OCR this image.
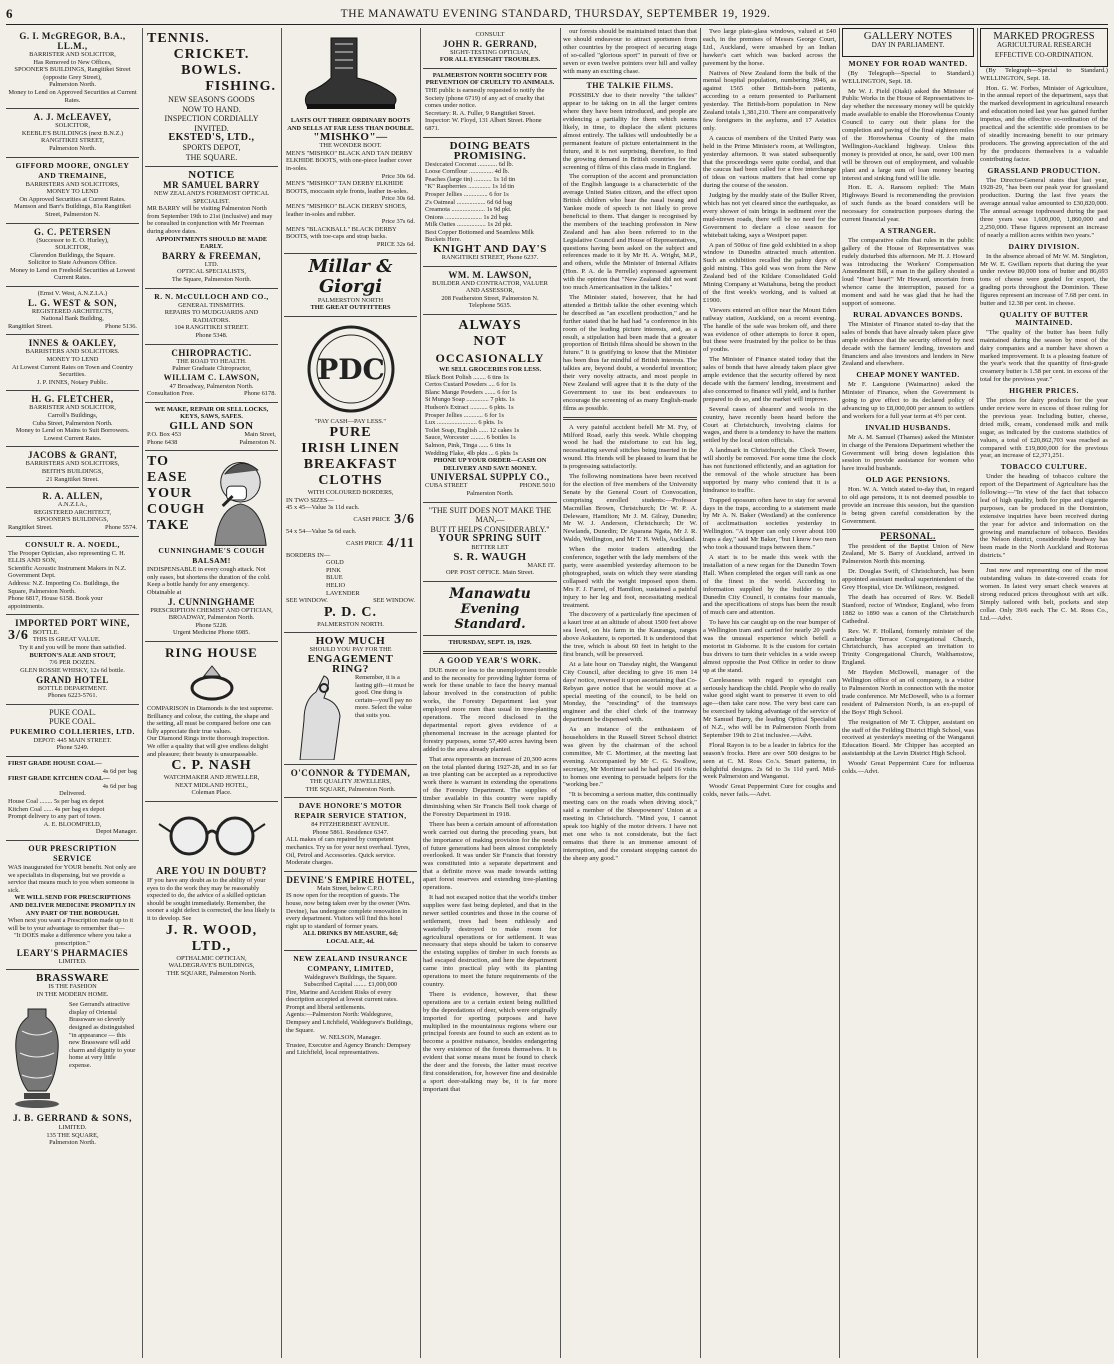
6	THE MANAWATU EVENING STANDARD, THURSDAY, SEPTEMBER 19, 1929.
G. I. McGREGOR, B.A., LL.M.,
BARRISTER AND SOLICITOR,
Has Removed to New Offices,
SPOONER'S BUILDINGS, Rangitikei Street (opposite Grey Street),
Palmerston North.
Money to Lend on Approved Securities at Current Rates.
A. J. McLEAVEY,
SOLICITOR,
KEEBLE'S BUILDINGS (next B.N.Z.)
RANGITIKEI STREET,
Palmerston North.
GIFFORD MOORE, ONGLEY AND TREMAINE,
BARRISTERS AND SOLICITORS,
MONEY TO LEND
On Approved Securities at Current Rates.
Mamson and Barr's Buildings, 81a Rangitikei Street, Palmerston N.
G. C. PETERSEN
(Successor to E. O. Hurley),
SOLICITOR,
Clarendon Buildings, the Square.
Solicitor to State Advances Office.
Money to Lend on Freehold Securities at Lowest Current Rates.
(Ernst V. West, A.N.Z.I.A.)
L. G. WEST & SON,
REGISTERED ARCHITECTS,
National Bank Building,
Rangitikei Street.	Phone 5136.
INNES & OAKLEY,
BARRISTERS AND SOLICITORS.
MONEY TO LEND
At Lowest Current Rates on Town and Country Securities.
J. P. INNES, Notary Public.
H. G. FLETCHER,
BARRISTER AND SOLICITOR,
Carroll's Buildings,
Cuba Street, Palmerston North.
Money to Lend on Mains to Suit Borrowers.
Lowest Current Rates.
JACOBS & GRANT,
BARRISTERS AND SOLICITORS,
BEITH'S BUILDINGS,
21 Rangitikei Street.
R. A. ALLEN,
A.N.Z.I.A.,
REGISTERED ARCHITECT,
SPOONER'S BUILDINGS,
Rangitikei Street.	Phone 5574.
CONSULT R. A. NOEDL,
The Prooper Optician, also representing C. H. ELLIS AND SON,
Scientific Acoustic Instrument Makers in N.Z. Government Dept.
Address: N.Z. Importing Co. Buildings, the Square, Palmerston North.
Phone 6817, House 6158. Book your appointments.
IMPORTED PORT WINE,
3/6 BOTTLE.
THIS IS GREAT VALUE.
Try it and you will be more than satisfied.
BURTON'S ALE AND STOUT,
7/6 PER DOZEN.
GLEN ROSSIE WHISKY, 12s 6d bottle.
GRAND HOTEL
BOTTLE DEPARTMENT.
Phones 6223-5761.
PUKE COAL.
PUKE COAL.
PUKEMIRO COLLIERIES, LTD.
DEPOT: 445 MAIN STREET.
Phone 5249.
FIRST GRADE HOUSE COAL—
4s 6d per bag
FIRST GRADE KITCHEN COAL—
4s 6d per bag
Delivered.
House Coal ........ 5s per bag ex depot
Kitchen Coal ...... 4s per bag ex depot
Prompt delivery to any part of town.
A. E. BLOOMFIELD,
Depot Manager.
OUR PRESCRIPTION SERVICE
WAS inaugurated for YOUR benefit. Not only are we specialists in dispensing, but we provide a service that means much to you when someone is sick.
WE WILL SEND FOR PRESCRIPTIONS AND DELIVER MEDICINE PROMPTLY IN ANY PART OF THE BOROUGH.
When next you want a Prescription made up to it will be to your advantage to remember that—
"It DOES make a difference where you take a prescription."
LEARY'S PHARMACIES
LIMITED.
BRASSWARE
IS THE FASHION
IN THE MODERN HOME.
See Gerrand's attractive display of Oriental Brassware so cleverly designed as distinguished "in appearance — this new Brassware will add charm and dignity to your home at very little expense.
J. B. GERRAND & SONS,
LIMITED.
135 THE SQUARE,
Palmerston North.
TENNIS.
CRICKET.
BOWLS.
FISHING.
NEW SEASON'S GOODS
NOW TO HAND.
INSPECTION CORDIALLY
INVITED.
EKSTED'S, LTD.,
SPORTS DEPOT,
THE SQUARE.
NOTICE
MR SAMUEL BARRY
NEW ZEALAND'S FOREMOST OPTICAL SPECIALIST.
MR BARRY will be visiting Palmerston North from September 19th to 21st (inclusive) and may be consulted in conjunction with Mr Freeman during above dates.
APPOINTMENTS SHOULD BE MADE
EARLY.
BARRY & FREEMAN,
LTD.
OPTICAL SPECIALISTS,
The Square, Palmerston North.
R. N. McCULLOCH AND CO.,
GENERAL TINSMITHS.
REPAIRS TO MUDGUARDS AND RADIATORS.
104 RANGITIKEI STREET.
Phone 5348.
CHIROPRACTIC.
THE ROAD TO HEALTH.
Palmer Graduate Chiropractor,
WILLIAM C. LAWSON,
47 Broadway, Palmerston North.
Consultation Free.	Phone 6178.
WE MAKE, REPAIR OR SELL LOCKS, KEYS, SAWS, SAFES.
GILL AND SON
P.O. Box 453	Main Street,
Phone 6438	Palmerston N.
TO
EASE
YOUR
COUGH
TAKE
CUNNINGHAME'S COUGH BALSAM!
INDISPENSABLE in every cough attack. Not only eases, but shortens the duration of the cold. Keep a bottle handy for any emergency. Obtainable at
J. CUNNINGHAME
PRESCRIPTION CHEMIST AND OPTICIAN,
BROADWAY, Palmerston North.
Phone 5228.
Urgent Medicine Phone 6985.
RING HOUSE
COMPARISON in Diamonds is the test supreme. Brilliancy and colour, the cutting, the shape and the setting, all must be compared before one can fully appreciate their true values.
Our Diamond Rings invite thorough inspection. We offer a quality that will give endless delight and pleasure; their beauty is unsurpassable.
C. P. NASH
WATCHMAKER AND JEWELLER,
NEXT MIDLAND HOTEL,
Coleman Place.
ARE YOU IN DOUBT?
IF you have any doubt as to the ability of your eyes to do the work they may be reasonably expected to do, the advice of a skilled optician should be sought immediately. Remember, the sooner a sight defect is corrected, the less likely is it to develop. See
J. R. WOOD, LTD.,
OPTHALMIC OPTICIAN,
WALDEGRAVE'S BUILDINGS,
THE SQUARE, Palmerston North.
LASTS OUT THREE ORDINARY BOOTS AND SELLS AT FAR LESS THAN DOUBLE.
"MISHKO"—
THE WONDER BOOT.
MEN'S "MISHKO" BLACK AND TAN DERBY ELKHIDE BOOTS, with one-piece leather cover in-soles.
Price 30s 6d.
MEN'S "MISHKO" TAN DERBY ELKHIDE BOOTS, moccasin style fronts, leather in-soles.
Price 30s 6d.
MEN'S "MISHKO" BLACK DERBY SHOES, leather in-soles and rubber.
Price 37s 6d.
MEN'S "BLACKBALL" BLACK DERBY BOOTS, with toe-caps and strap backs.
PRICE 32s 6d.
Millar & Giorgi
PALMERSTON NORTH
THE GREAT OUTFITTERS
PDC
"PAY CASH—PAY LESS."
PURE
IRISH LINEN
BREAKFAST
CLOTHS
WITH COLOURED BORDERS,
IN TWO SIZES—
45 x 45—Value 3s 11d each.
CASH PRICE 3/6
54 x 54—Value 5s 6d each.
CASH PRICE 4/11
BORDERS IN—
GOLD
PINK
BLUE
HELIO
LAVENDER
SEE WINDOW.	SEE WINDOW.
P. D. C.
PALMERSTON NORTH.
HOW MUCH
SHOULD YOU PAY FOR THE
ENGAGEMENT
RING?
Remember, it is a lasting gift—it must be good. One thing is certain—you'll pay no more. Select the value that suits you.
O'CONNOR & TYDEMAN,
THE QUALITY JEWELLERS,
THE SQUARE, Palmerston North.
DAVE HONORE'S MOTOR REPAIR SERVICE STATION,
84 FITZHERBERT AVENUE.
Phone 5861. Residence 6347.
ALL makes of cars repaired by competent mechanics. Try us for your next overhaul. Tyres, Oil, Petrol and Accessories. Quick service. Moderate charges.
DEVINE'S EMPIRE HOTEL,
Main Street, below C.P.O.
IS now open for the reception of guests. The house, now being taken over by the owner (Wm. Devine), has undergone complete renovation in every department. Visitors will find this hotel right up to standard of former years.
ALL DRINKS BY MEASURE, 6d;
LOCAL ALE, 4d.
NEW ZEALAND INSURANCE COMPANY, LIMITED,
Waldegrave's Buildings, the Square.
Subscribed Capital ........ £1,000,000
Fire, Marine and Accident Risks of every description accepted at lowest current rates. Prompt and liberal settlements.
Agents:—Palmerston North: Waldegrave, Dempsey and Litchfield, Waldegrave's Buildings, the Square.
W. NELSON, Manager.
Trustee, Executor and Agency Branch: Dempsey and Litchfield, local representatives.
CONSULT
JOHN R. GERRAND,
SIGHT-TESTING OPTICIAN,
FOR ALL EYESIGHT TROUBLES.
PALMERSTON NORTH SOCIETY FOR PREVENTION OF CRUELTY TO ANIMALS.
THE public is earnestly requested to notify the Society (phone 6719) of any act of cruelty that comes under notice.
Secretary: R. A. Fuller, 9 Rangitikei Street. Inspector: W. Floyd, 131 Albert Street. Phone 6871.
DOING BEATS PROMISING.
Desiccated Coconut ............ 6d lb.
Loose Cornflour ............... 4d lb.
Peaches (large tin) ........... 1s 1d tin
"K" Raspberries .............. 1s 1d tin
Prosper Jellies ............... 6 for 1s
2's Oatmeal .................. 6d 6d bag
Creamota ..................... 1s 9d pkt.
Onions ....................... 1s 2d bag
Milk Oaties .................. 1s 2d pkt.
Best Copper Bottomed and Seamless Milk Buckets Here.
KNIGHT AND DAY'S
RANGITIKEI STREET, Phone 6237.
WM. M. LAWSON,
BUILDER AND CONTRACTOR, VALUER AND ASSESSOR,
208 Featherston Street, Palmerston N.
Telephone 5635.
ALWAYS
NOT
OCCASIONALLY
WE SELL GROCERIES FOR LESS.
Black Boot Polish ........ 6 tins 1s
Certos Custard Powders .... 6 for 1s
Blanc Mange Powders ....... 6 for 1s
St Mungo Soap .............. 7 pkts. 1s
Hudson's Extract ........... 6 pkts. 1s
Prosper Jellies ............ 6 for 1s
Lux ......................... 6 pkts. 1s
Toilet Soap, English ...... 12 cakes 1s
Sauce, Worcester ......... 6 bottles 1s
Salmon, Pink, Tinga ...... 6 tins 1s
Wedding Flake, 4lb pkts ... 6 pkts 1s
PHONE UP YOUR ORDER—CASH ON DELIVERY AND SAVE MONEY.
UNIVERSAL SUPPLY CO.,
CUBA STREET	PHONE 5010
Palmerston North.
"THE SUIT DOES NOT MAKE THE MAN,—
BUT IT HELPS CONSIDERABLY."
YOUR SPRING SUIT
BETTER LET
S. R. WAUGH
MAKE IT.
OPP. POST OFFICE. Main Street.
Manawatu
Evening Standard.
THURSDAY, SEPT. 19, 1929.
A GOOD YEAR'S WORK.

DUE more or less to the unemployment trouble and to the necessity for providing lighter forms of work for these unable to face the heavy manual labour involved in the construction of public works, the Forestry Department last year employed more men than usual in tree-planting operations. The record disclosed in the departmental report gives evidence of a phenomenal increase in the acreage planted for forestry purposes, some 57,400 acres having been added to the area already planted.

That area represents an increase of 20,300 acres on the total planted during 1927-28, and in so far as tree planting can be accepted as a reproductive work there is warrant in extending the operations of the Forestry Department. The supplies of timber available in this country were rapidly diminishing when Sir Francis Bell took charge of the Forestry Department in 1918.

There has been a certain amount of afforestation work carried out during the preceding years, but the importance of making provision for the needs of future generations had been almost completely overlooked. It was under Sir Francis that forestry was constituted into a separate department and that a definite move was made towards setting apart forest reserves and extending tree-planting operations.

It had not escaped notice that the world's timber supplies were fast being depleted, and that in the newer settled countries and those in the course of settlement, trees had been ruthlessly and wastefully destroyed to make room for agricultural operations or for settlement. It was necessary that steps should be taken to conserve the existing supplies of timber in such forests as had escaped destruction, and here the department came into practical play with its planting operations to meet the future requirements of the country.

There is evidence, however, that these operations are to a certain extent being nullified by the depredations of deer, which were originally imported for sporting purposes and have multiplied in the mountainous regions where our principal forests are found to such an extent as to become a positive nuisance, besides endangering the very existence of the forests themselves. It is evident that some means must be found to check the deer and the forests, the latter must receive first consideration, for, however fine and desirable a sport deer-stalking may be, it is far more important that

our forests should be maintained intact than that we should endeavour to attract sportsmen from other countries by the prospect of securing stags of so-called "glorious sport" in pursuit of five or seven or even twelve pointers over hill and valley with many an exciting chase.

THE TALKIE FILMS.

POSSIBLY due to their novelty "the talkies" appear to be taking on in all the larger centres where they have been introduced, and people are evidencing a partiality for them which seems likely, in time, to displace the silent pictures almost entirely. The talkies will undoubtedly be a permanent feature of picture entertainment in the future, and it is not surprising, therefore, to find the growing demand in British countries for the screening of films of this class made in England.

The corruption of the accent and pronunciation of the English language is a characteristic of the average United States citizen, and the effect upon British children who hear the nasal twang and Yankee mode of speech is not likely to prove beneficial to them. That danger is recognised by the members of the teaching profession in New Zealand and has also been referred to in the Legislative Council and House of Representatives, questions having been asked on the subject and references made to it by Mr H. A. Wright, M.P., and others, while the Minister of Internal Affairs (Hon. P. A. de la Perrelle) expressed agreement with the opinion that "New Zealand did not want too much Americanisation in the talkies."

The Minister stated, however, that he had attended a British talkie the other evening which he described as "an excellent production," and he further stated that he had had "a conference in his room of the leading picture interests, and, as a result, a stipulation had been made that a greater proportion of British films should be shown in the future." It is gratifying to know that the Minister has been thus far mindful of British interests. The talkies are, beyond doubt, a wonderful invention; their very novelty attracts, and most people in New Zealand will agree that it is the duty of the Government to use its best endeavours to encourage the screening of as many English-made films as possible.

A very painful accident befell Mr M. Fry, of Milford Road, early this week. While chopping wood he had the misfortune to cut his leg, necessitating several stitches being inserted in the wound. His friends will be pleased to learn that he is progressing satisfactorily.

The following nominations have been received for the election of five members of the University Senate by the General Court of Convocation, comprising enrolled students:—Professor Macmillan Brown, Christchurch; Dr W. P. A. Deleware, Hamilton; Mr J. M. Gilray, Dunedin; Mr W. J. Anderson, Christchurch; Dr W. Newlands, Dunedin; Dr Aparana Ngata, Mr J. R. Waldo, Wellington, and Mr T. H. Wells, Auckland.

When the motor traders attending the conference, together with the lady members of the party, were assembled yesterday afternoon to be photographed, seats on which they were standing collapsed with the weight imposed upon them. Mrs F. J. Farrel, of Hamilton, sustained a painful injury to her leg and foot, necessitating medical treatment.

The discovery of a particularly fine specimen of a kauri tree at an altitude of about 1500 feet above sea level, on his farm in the Kauranga, ranges above Aokautere, is reported. It is understood that the tree, which is about 60 feet in height to the first branch, will be preserved.

At a late hour on Tuesday night, the Wanganui City Council, after deciding to give 16 men 14 days' notice, reversed it upon ascertaining that Co-Rebyan gave notice that he would move at a special meeting of the council, to be held on Monday, the "rescinding" of the tramways engineer and the chief clerk of the tramway department be dispensed with.

As an instance of the enthusiasm of householders in the Russell Street School district was given by the chairman of the school committee, Mr C. Mortimer, at the meeting last evening. Accompanied by Mr C. G. Swallow, secretary, Mr Mortimer said he had paid 16 visits to homes one evening to persuade helpers for the "working bee."

"It is becoming a serious matter, this continually meeting cars on the roads when driving stock," said a member of the Sheepowners' Union at a meeting in Christchurch. "Mind you, I cannot speak too highly of the motor drivers. I have not met one who is not considerate, but the fact remains that there is an immense amount of interruption, and the constant stopping cannot do the sheep any good."

Two large plate-glass windows, valued at £40 each, in the premises of Messrs George Court, Ltd., Auckland, were smashed by an Indian hawker's cart which was backed across the pavement by the horse.

Natives of New Zealand form the bulk of the mental hospital population, numbering 3946, as against 1565 other British-born patients, according to a return presented to Parliament yesterday. The British-born population in New Zealand totals 1,381,210. There are comparatively few foreigners in the asylums, and 17 Asiatics only.

A caucus of members of the United Party was held in the Prime Minister's room, at Wellington, yesterday afternoon. It was stated subsequently that the proceedings were quite cordial, and that the caucus had been called for a free interchange of ideas on various matters that had come up during the course of the session.

Judging by the muddy state of the Buller River, which has not yet cleared since the earthquake, as every shower of rain brings in sediment over the mud-strewn roads, there will be no need for the Government to declare a close season for whitebait taking, says a Westport paper.

A pan of 500oz of fine gold exhibited in a shop window in Dunedin attracted much attention. Such an exhibition recalled the palmy days of gold mining. This gold was won from the New Zealand bed of the Kildare Consolidated Gold Mining Company at Waitahuna, being the product of the first week's working, and is valued at £1900.

Viewers entered an office near the Mount Eden railway station, Auckland, on a recent evening. The handle of the safe was broken off, and there was evidence of other attempts to force it open, but these were frustrated by the police to be thus of youths.

The Minister of Finance stated today that the sales of bonds that have already taken place give ample evidence that the security offered by next decade with the farmers' lending, investment and also concerned to finance will yield, and is further prepared to do so, and the market will improve.

Several cases of shearers' and wools in the country, have recently been heard before the Court at Christchurch, involving claims for wages, and there is a tendency to have the matters settled by the local union officials.

A landmark in Christchurch, the Clock Tower, will shortly be removed. For some time the clock has not functioned efficiently, and an agitation for the removal of the whole structure has been supported by many who contend that it is a hindrance to traffic.

Trapped opossum often have to stay for several days in the traps, according to a statement made by Mr A. N. Baker (Westland) at the conference of acclimatisation societies yesterday in Wellington. "A trapper can only cover about 100 traps a day," said Mr Baker, "but I know two men who took a thousand traps between them."

A start is to be made this week with the installation of a new organ for the Dunedin Town Hall. When completed the organ will rank as one of the finest in the world. According to information supplied by the builder to the Dunedin City Council, it contains four manuals, and the specifications of stops has been the result of much care and attention.

To have his car caught up on the rear bumper of a Wellington tram and carried for nearly 20 yards was the unusual experience which befell a motorist in Gisborne. It is the custom for certain bus drivers to turn their vehicles in a wide sweep almost opposite the Post Office in order to draw up at the stand.

Carelessness with regard to eyesight can seriously handicap the child. People who do really value good sight want to preserve it even to old age—then take care now. The very best care can be exercised by taking advantage of the service of Mr Samuel Barry, the leading Optical Specialist of N.Z., who will be in Palmerston North from September 19th to 21st inclusive.—Advt.

Floral Rayon is to be a leader in fabrics for the season's frocks. Here are over 500 designs to be seen at C. M. Ross Co.'s. Smart patterns, in delightful designs. 2s 6d to 3s 11d yard. Mid-week Palmerston and Wanganui.

Woods' Great Peppermint Cure for coughs and colds, never fails.—Advt.

GALLERY NOTES
DAY IN PARLIAMENT.
MONEY FOR ROAD WANTED.

(By Telegraph—Special to Standard.) WELLINGTON, Sept. 18.

Mr W. J. Field (Otaki) asked the Minister of Public Works in the House of Representatives to-day whether the necessary money will be quickly made available to enable the Horowhenua County Council to carry out their plans for the completion and paving of the final eighteen miles of the Horowhenua County of the main Wellington-Auckland highway. Unless this money is provided at once, he said, over 100 men will be thrown out of employment, and valuable plant and a large sum of loan money bearing interest and sinking fund will lie idle.

Hon. E. A. Ransom replied: The Main Highways Board is recommending the provision of such funds as the board considers will be necessary for construction purposes during the current financial year.

A STRANGER.

The comparative calm that rules in the public gallery of the House of Representatives was rudely disturbed this afternoon. Mr H. J. Howard was introducing the Workers' Compensation Amendment Bill, a man in the gallery shouted a loud "Hear! hear!" Mr Howard, uncertain from whence came the interruption, paused for a moment and said he was glad that he had the support of someone.

RURAL ADVANCES BONDS.

The Minister of Finance stated to-day that the sales of bonds that have already taken place give ample evidence that the security offered by next decade with the farmers' lending, investors and financiers and also investors and lenders in New Zealand and elsewhere.

CHEAP MONEY WANTED.

Mr F. Langstone (Waimarino) asked the Minister of Finance, when the Government is going to give effect to its declared policy of advancing up to £8,000,000 per annum to settlers and workers for a full year term at 4½ per cent.

INVALID HUSBANDS.

Mr A. M. Samuel (Thames) asked the Minister in charge of the Pensions Department whether the Government will bring down legislation this session to provide assistance for women who have invalid husbands.

OLD AGE PENSIONS.

Hon. W. A. Veitch stated to-day that, in regard to old age pensions, it is not deemed possible to provide an increase this session, but the question is being given careful consideration by the Government.

PERSONAL.

The president of the Baptist Union of New Zealand, Mr S. Barry of Auckland, arrived in Palmerston North this morning.

Dr. Douglas Swift, of Christchurch, has been appointed assistant medical superintendent of the Grey Hospital, vice Dr. Wilkinson, resigned.

The death has occurred of Rev. W. Bedell Stanford, rector of Windsor, England, who from 1882 to 1890 was a canon of the Christchurch Cathedral.

Rev. W. F. Holland, formerly minister of the Cambridge Terrace Congregational Church, Christchurch, has accepted an invitation to Trinity Congregational Church, Walthamstow, England.

Mr Hayden McDowell, manager of the Wellington office of an oil company, is a visitor to Palmerston North in connection with the motor trade conference. Mr McDowell, who is a former resident of Palmerston North, is an ex-pupil of the Boys' High School.

The resignation of Mr T. Chipper, assistant on the staff of the Feilding District High School, was received at yesterday's meeting of the Wanganui Education Board. Mr Chipper has accepted an assistantship at the Levin District High School.

Woods' Great Peppermint Cure for influenza colds.—Advt.

MARKED PROGRESS
AGRICULTURAL RESEARCH
EFFECTIVE CO-ORDINATION.

(By Telegraph—Special to Standard.) WELLINGTON, Sept. 18.

Hon. G. W. Forbes, Minister of Agriculture, in the annual report of the department, says that the marked development in agricultural research and education noted last year has gained further impetus, and the effective co-ordination of the practical and the scientific side promises to be of steadily increasing benefit to our primary producers. The growing appreciation of the aid by the producers themselves is a valuable contributing factor.

GRASSLAND PRODUCTION.

The Director-General states that last year, 1928-29, "has been our peak year for grassland production. During the last five years the average annual value amounted to £30,820,000. The annual acreage topdressed during the past three years was 1,600,000, 1,860,000 and 2,250,000. These figures represent an increase of nearly a million acres within two years."

DAIRY DIVISION.

In the absence abroad of Mr W. M. Singleton, Mr W. E. Gwillam reports that during the year under review 80,000 tons of butter and 86,693 tons of cheese were graded for export, the grading ports throughout the Dominion. These figures represent an increase of 7.68 per cent. in butter and 12.38 per cent. in cheese.

QUALITY OF BUTTER MAINTAINED.

"The quality of the butter has been fully maintained during the season by most of the dairy companies and a number have shown a marked improvement. It is a pleasing feature of the year's work that the quantity of first-grade creamery butter is 1.58 per cent. in excess of the total for the previous year."

HIGHER PRICES.

The prices for dairy products for the year under review were in excess of those ruling for the previous year. Including butter, cheese, dried milk, cream, condensed milk and milk sugar, as indicated by the customs statistics of values, a total of £20,862,703 was reached as compared with £19,800,000 for the previous year, an increase of £2,371,251.

TOBACCO CULTURE.

Under the heading of tobacco culture the report of the Department of Agriculture has the following:—"In view of the fact that tobacco leaf of high quality, both for pipe and cigarette purposes, can be produced in the Dominion, extensive inquiries have been received during the year for advice and information on the growing and manufacture of tobacco. Besides the Nelson district, considerable headway has been made in the North Auckland and Rotorua districts."

Just now and representing one of the most outstanding values in date-covered coats for women. In latest very smart check weaves at strong reduced prices throughout with art silk. Simply tailored with belt, pockets and step collar. Only 39/6 each. The C. M. Ross Co., Ltd.—Advt.
